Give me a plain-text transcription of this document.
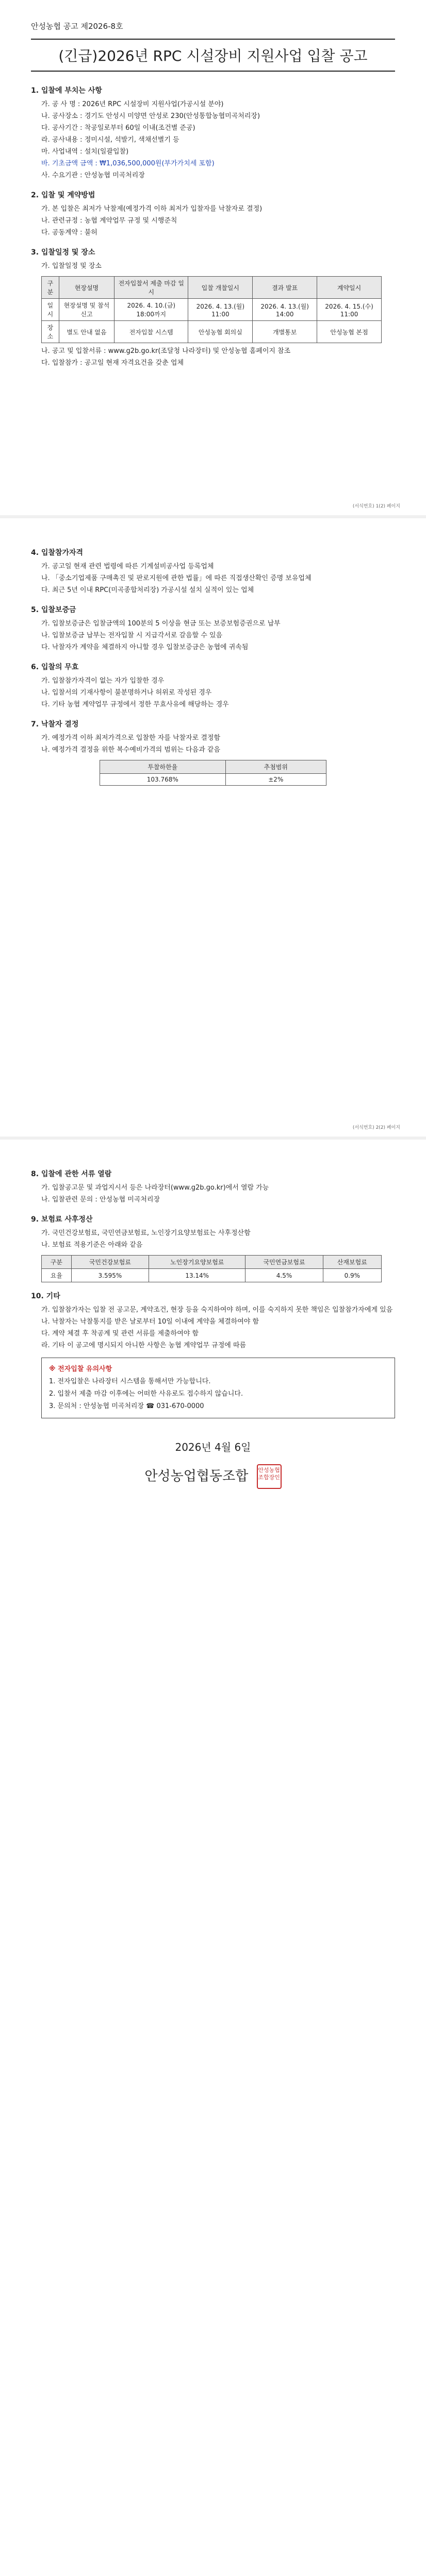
안성농협 공고 제2026-8호
(긴급)2026년 RPC 시설장비 지원사업 입찰 공고
1. 입찰에 부치는 사항
가. 공 사 명 : 2026년 RPC 시설장비 지원사업(가공시설 분야)
나. 공사장소 : 경기도 안성시 미양면 안성로 230(안성통합농협미곡처리장)
다. 공사기간 : 착공일로부터 60일 이내(조건별 준공)
라. 공사내용 : 정미시설, 석발기, 색채선별기 등
마. 사업내역 : 설치(일괄입찰)
바. 기초금액 금액 : ₩1,036,500,000원(부가가치세 포함)
사. 수요기관 : 안성농협 미곡처리장
2. 입찰 및 계약방법
가. 본 입찰은 최저가 낙찰제(예정가격 이하 최저가 입찰자를 낙찰자로 결정)
나. 관련규정 : 농협 계약업무 규정 및 시행준칙
다. 공동계약 : 불허
3. 입찰일정 및 장소
가. 입찰일정 및 장소
구분	현장설명	전자입찰서 제출 마감 일시	입찰 개찰일시	결과 발표	계약일시
일시	현장설명 및 참석 신고	2026. 4. 10.(금) 18:00까지	2026. 4. 13.(월) 11:00	2026. 4. 13.(월) 14:00	2026. 4. 15.(수) 11:00
장소	별도 안내 없음	전자입찰 시스템	안성농협 회의실	개별통보	안성농협 본점
나. 공고 및 입찰서류 : www.g2b.go.kr(조달청 나라장터) 및 안성농협 홈페이지 참조
다. 입찰참가 : 공고일 현재 자격요건을 갖춘 업체
(서식번호) 1(2) 페이지
4. 입찰참가자격
가. 공고일 현재 관련 법령에 따른 기계설비공사업 등록업체
나. 「중소기업제품 구매촉진 및 판로지원에 관한 법률」에 따른 직접생산확인 증명 보유업체
다. 최근 5년 이내 RPC(미곡종합처리장) 가공시설 설치 실적이 있는 업체
5. 입찰보증금
가. 입찰보증금은 입찰금액의 100분의 5 이상을 현금 또는 보증보험증권으로 납부
나. 입찰보증금 납부는 전자입찰 시 지급각서로 갈음할 수 있음
다. 낙찰자가 계약을 체결하지 아니할 경우 입찰보증금은 농협에 귀속됨
6. 입찰의 무효
가. 입찰참가자격이 없는 자가 입찰한 경우
나. 입찰서의 기재사항이 불분명하거나 허위로 작성된 경우
다. 기타 농협 계약업무 규정에서 정한 무효사유에 해당하는 경우
7. 낙찰자 결정
가. 예정가격 이하 최저가격으로 입찰한 자를 낙찰자로 결정함
나. 예정가격 결정을 위한 복수예비가격의 범위는 다음과 같음
투찰하한율	추첨범위
103.768%	±2%
(서식번호) 2(2) 페이지
8. 입찰에 관한 서류 열람
가. 입찰공고문 및 과업지시서 등은 나라장터(www.g2b.go.kr)에서 열람 가능
나. 입찰관련 문의 : 안성농협 미곡처리장
9. 보험료 사후정산
가. 국민건강보험료, 국민연금보험료, 노인장기요양보험료는 사후정산함
나. 보험료 적용기준은 아래와 같음
구분	국민건강보험료	노인장기요양보험료	국민연금보험료	산재보험료
요율	3.595%	13.14%	4.5%	0.9%
10. 기타
가. 입찰참가자는 입찰 전 공고문, 계약조건, 현장 등을 숙지하여야 하며, 이를 숙지하지 못한 책임은 입찰참가자에게 있음
나. 낙찰자는 낙찰통지를 받은 날로부터 10일 이내에 계약을 체결하여야 함
다. 계약 체결 후 착공계 및 관련 서류를 제출하여야 함
라. 기타 이 공고에 명시되지 아니한 사항은 농협 계약업무 규정에 따름
※ 전자입찰 유의사항
1. 전자입찰은 나라장터 시스템을 통해서만 가능합니다.
2. 입찰서 제출 마감 이후에는 어떠한 사유로도 접수하지 않습니다.
3. 문의처 : 안성농협 미곡처리장 ☎ 031-670-0000
2026년 4월 6일
안성농업협동조합 안성농협조합장인
